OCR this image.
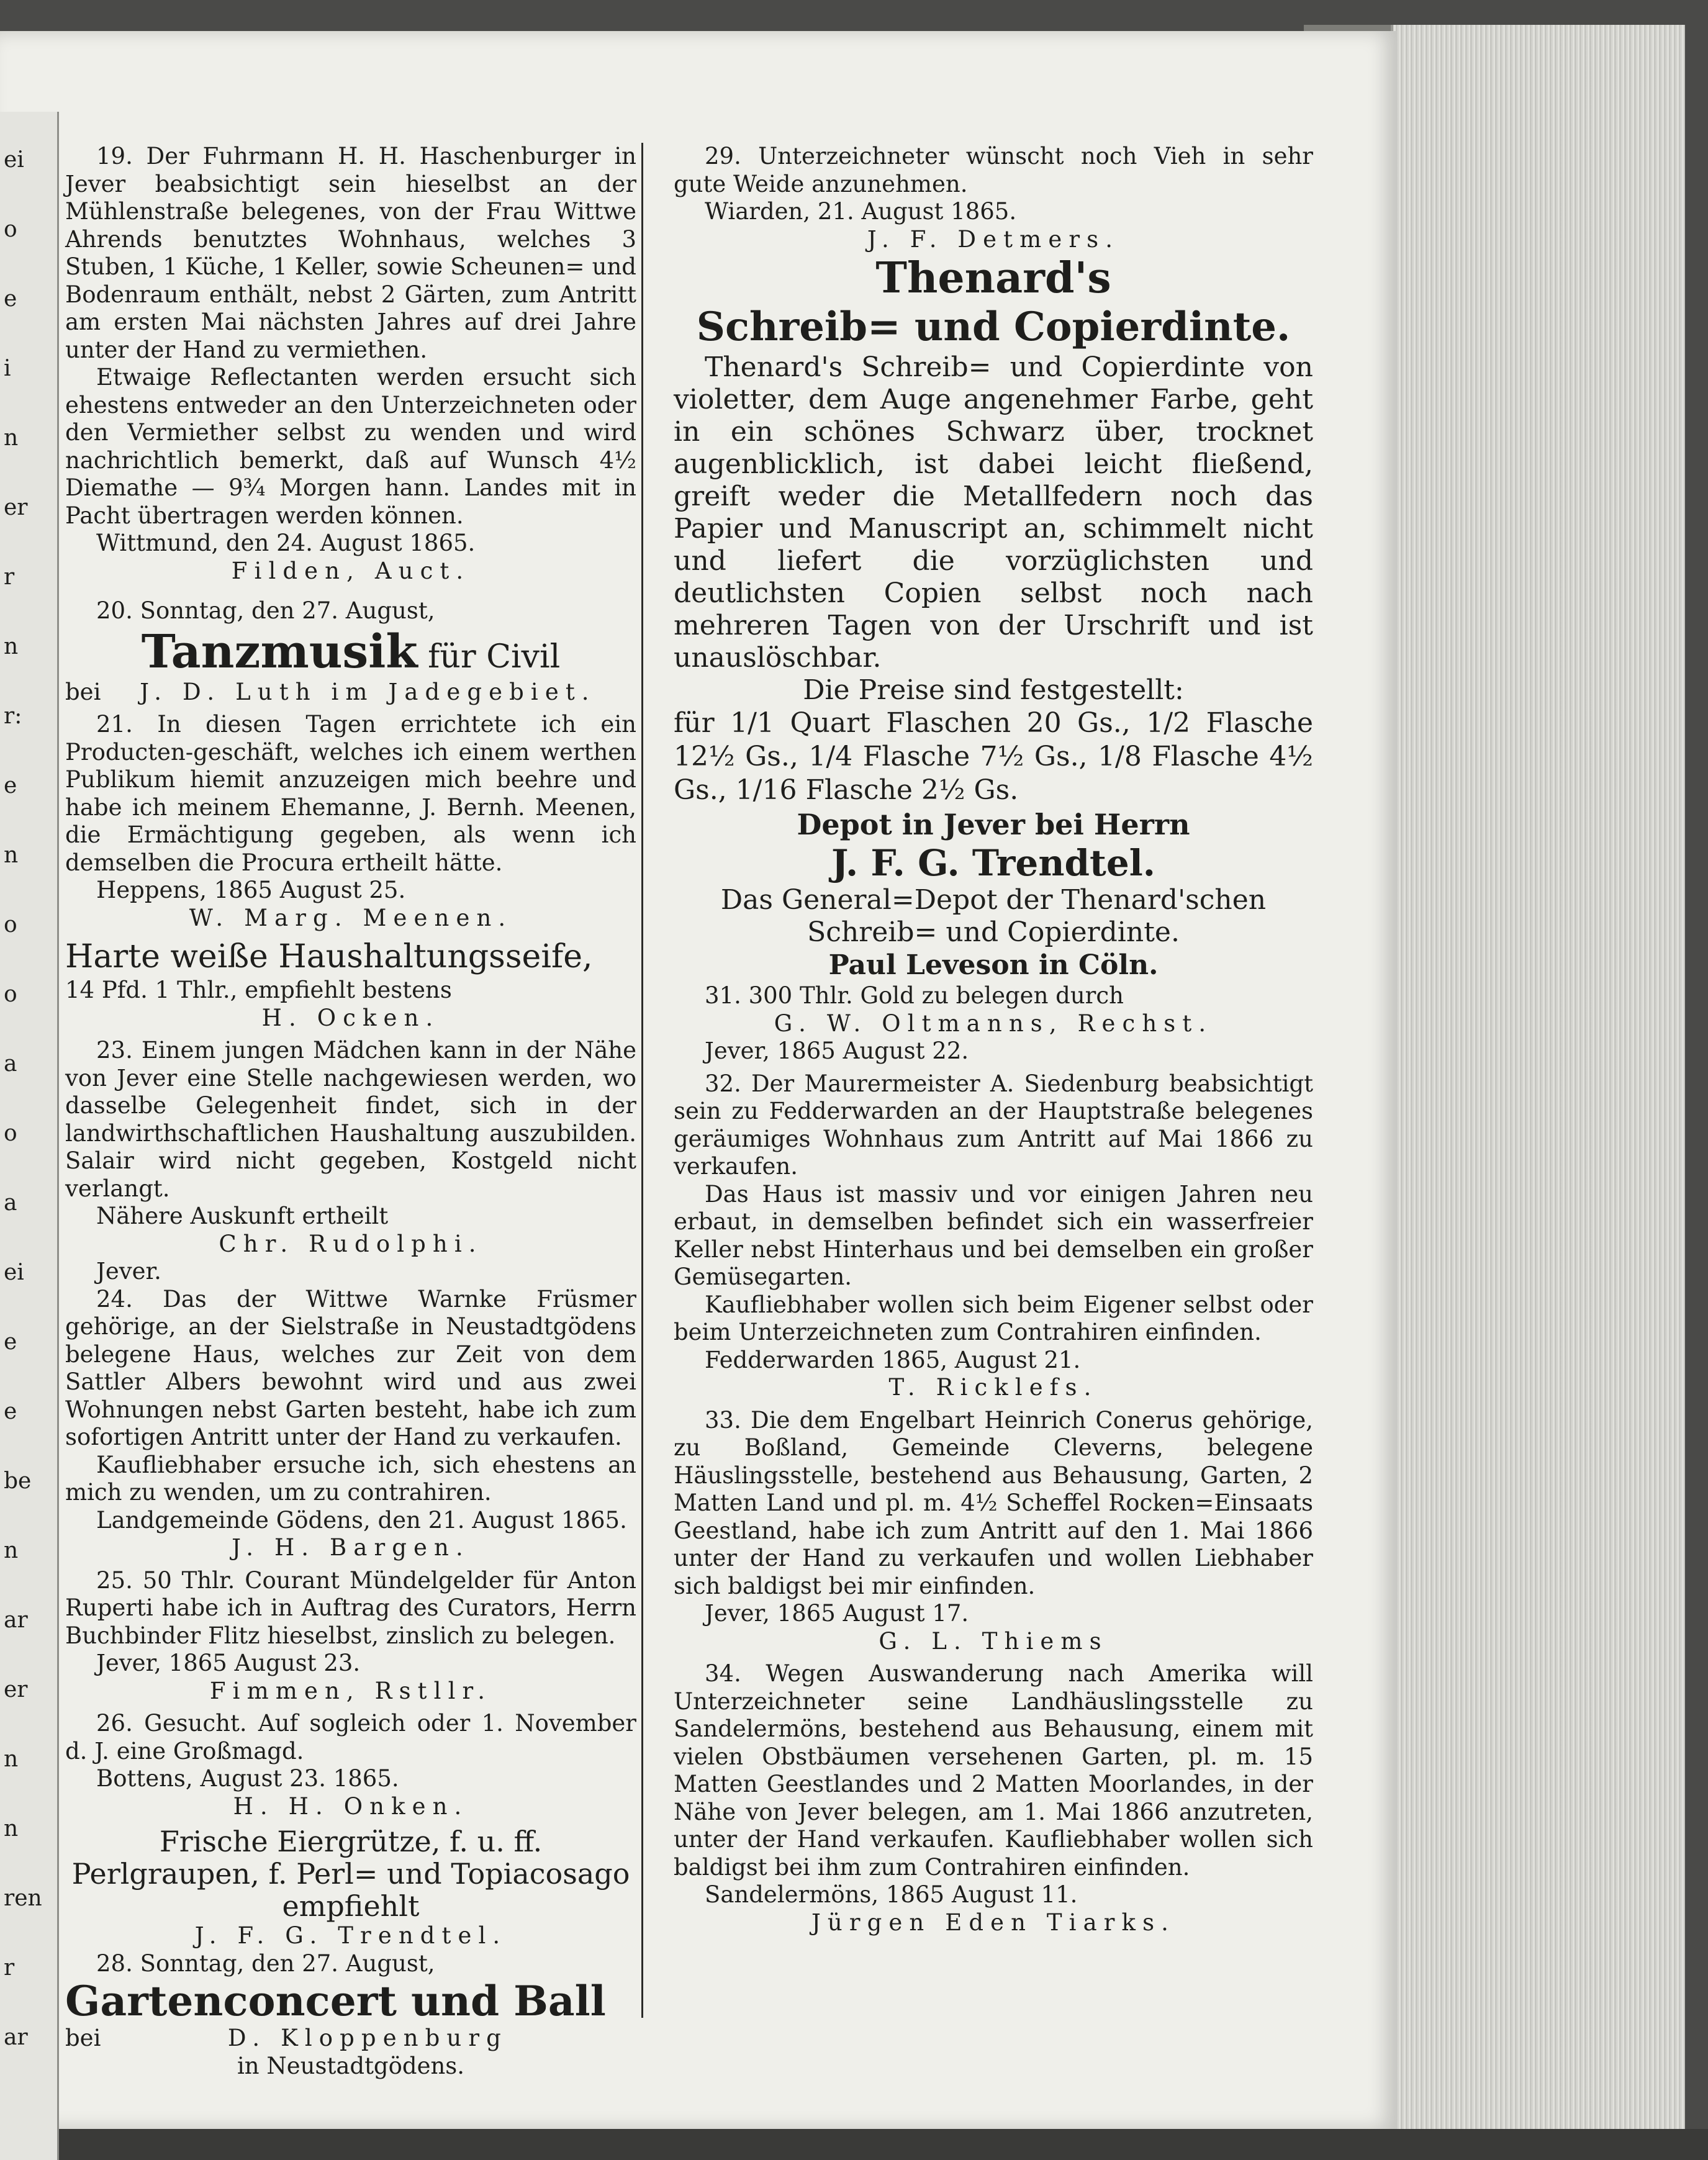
ei
o
e
i
n
er
r
n
r:
e
n
o
o
a
o
a
ei
e
e
be
n
ar
er
n
n
ren
r
ar

19. Der Fuhrmann H. H. Haschenburger in Jever beabsichtigt sein hieselbst an der Mühlenstraße belegenes, von der Frau Wittwe Ahrends benutztes Wohnhaus, welches 3 Stuben, 1 Küche, 1 Keller, sowie Scheunen= und Bodenraum enthält, nebst 2 Gärten, zum Antritt am ersten Mai nächsten Jahres auf drei Jahre unter der Hand zu vermiethen.

Etwaige Reflectanten werden ersucht sich ehestens entweder an den Unterzeichneten oder den Vermiether selbst zu wenden und wird nachrichtlich bemerkt, daß auf Wunsch 4½ Diemathe — 9¾ Morgen hann. Landes mit in Pacht übertragen werden können.

Wittmund, den 24. August 1865.

Filden, Auct.

20. Sonntag, den 27. August,

Tanzmusik für Civil

bei J. D. Luth im Jadegebiet.

21. In diesen Tagen errichtete ich ein Producten-geschäft, welches ich einem werthen Publikum hiemit anzuzeigen mich beehre und habe ich meinem Ehemanne, J. Bernh. Meenen, die Ermächtigung gegeben, als wenn ich demselben die Procura ertheilt hätte.

Heppens, 1865 August 25.

W. Marg. Meenen.

Harte weiße Haushaltungsseife,

14 Pfd. 1 Thlr., empfiehlt bestens

H. Ocken.

23. Einem jungen Mädchen kann in der Nähe von Jever eine Stelle nachgewiesen werden, wo dasselbe Gelegenheit findet, sich in der landwirthschaftlichen Haushaltung auszubilden. Salair wird nicht gegeben, Kostgeld nicht verlangt.

Nähere Auskunft ertheilt

Chr. Rudolphi.

Jever.

24. Das der Wittwe Warnke Früsmer gehörige, an der Sielstraße in Neustadtgödens belegene Haus, welches zur Zeit von dem Sattler Albers bewohnt wird und aus zwei Wohnungen nebst Garten besteht, habe ich zum sofortigen Antritt unter der Hand zu verkaufen.

Kaufliebhaber ersuche ich, sich ehestens an mich zu wenden, um zu contrahiren.

Landgemeinde Gödens, den 21. August 1865.

J. H. Bargen.

25. 50 Thlr. Courant Mündelgelder für Anton Ruperti habe ich in Auftrag des Curators, Herrn Buchbinder Flitz hieselbst, zinslich zu belegen.

Jever, 1865 August 23.

Fimmen, Rstllr.

26. Gesucht. Auf sogleich oder 1. November d. J. eine Großmagd.

Bottens, August 23. 1865.

H. H. Onken.

Frische Eiergrütze, f. u. ff. Perlgraupen, f. Perl= und Topiacosago empfiehlt

J. F. G. Trendtel.

28. Sonntag, den 27. August,

Gartenconcert und Ball

bei	D. Kloppenburg

in Neustadtgödens.

29. Unterzeichneter wünscht noch Vieh in sehr gute Weide anzunehmen.

Wiarden, 21. August 1865.

J. F. Detmers.

Thenard's

Schreib= und Copierdinte.

Thenard's Schreib= und Copierdinte von violetter, dem Auge angenehmer Farbe, geht in ein schönes Schwarz über, trocknet augenblicklich, ist dabei leicht fließend, greift weder die Metallfedern noch das Papier und Manuscript an, schimmelt nicht und liefert die vorzüglichsten und deutlichsten Copien selbst noch nach mehreren Tagen von der Urschrift und ist unauslöschbar.

Die Preise sind festgestellt:

für 1/1 Quart Flaschen 20 Gs., 1/2 Flasche 12½ Gs., 1/4 Flasche 7½ Gs., 1/8 Flasche 4½ Gs., 1/16 Flasche 2½ Gs.

Depot in Jever bei Herrn

J. F. G. Trendtel.

Das General=Depot der Thenard'schen Schreib= und Copierdinte.

Paul Leveson in Cöln.

31. 300 Thlr. Gold zu belegen durch

G. W. Oltmanns, Rechst.

Jever, 1865 August 22.

32. Der Maurermeister A. Siedenburg beabsichtigt sein zu Fedderwarden an der Hauptstraße belegenes geräumiges Wohnhaus zum Antritt auf Mai 1866 zu verkaufen.

Das Haus ist massiv und vor einigen Jahren neu erbaut, in demselben befindet sich ein wasserfreier Keller nebst Hinterhaus und bei demselben ein großer Gemüsegarten.

Kaufliebhaber wollen sich beim Eigener selbst oder beim Unterzeichneten zum Contrahiren einfinden.

Fedderwarden 1865, August 21.

T. Ricklefs.

33. Die dem Engelbart Heinrich Conerus gehörige, zu Boßland, Gemeinde Cleverns, belegene Häuslingsstelle, bestehend aus Behausung, Garten, 2 Matten Land und pl. m. 4½ Scheffel Rocken=Einsaats Geestland, habe ich zum Antritt auf den 1. Mai 1866 unter der Hand zu verkaufen und wollen Liebhaber sich baldigst bei mir einfinden.

Jever, 1865 August 17.

G. L. Thiems

34. Wegen Auswanderung nach Amerika will Unterzeichneter seine Landhäuslingsstelle zu Sandelermöns, bestehend aus Behausung, einem mit vielen Obstbäumen versehenen Garten, pl. m. 15 Matten Geestlandes und 2 Matten Moorlandes, in der Nähe von Jever belegen, am 1. Mai 1866 anzutreten, unter der Hand verkaufen. Kaufliebhaber wollen sich baldigst bei ihm zum Contrahiren einfinden.

Sandelermöns, 1865 August 11.

Jürgen Eden Tiarks.
